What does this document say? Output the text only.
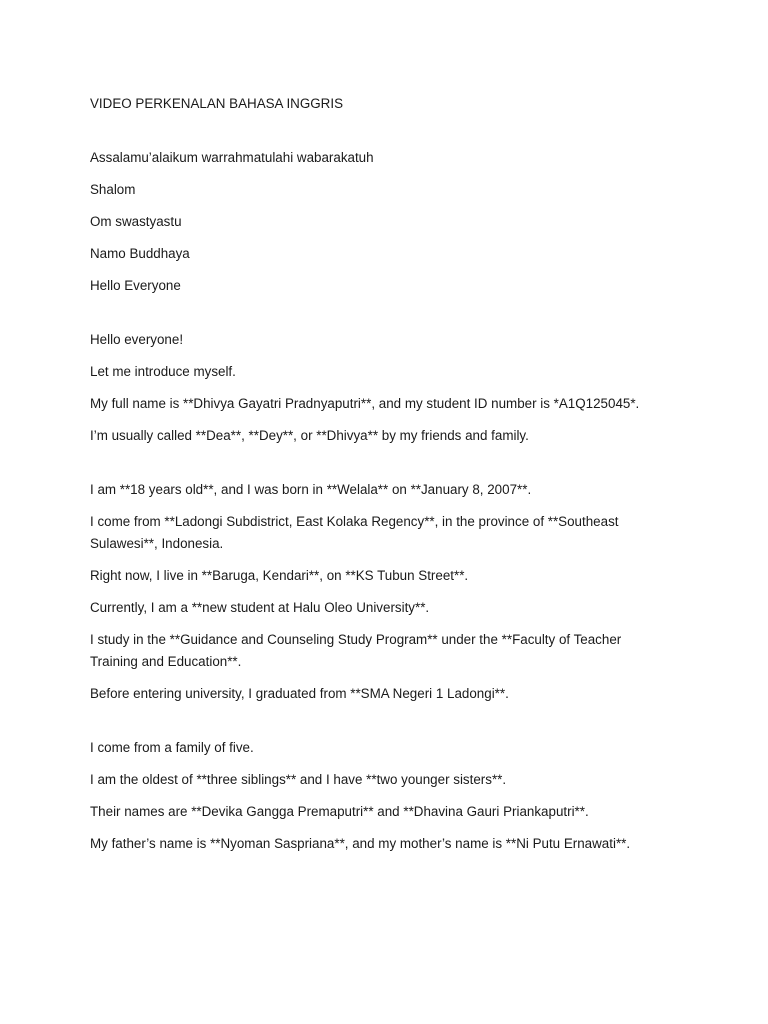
VIDEO PERKENALAN BAHASA INGGRIS

Assalamu’alaikum warrahmatulahi wabarakatuh

Shalom

Om swastyastu

Namo Buddhaya

Hello Everyone

Hello everyone!

Let me introduce myself.

My full name is **Dhivya Gayatri Pradnyaputri**, and my student ID number is *A1Q125045*.

I’m usually called **Dea**, **Dey**, or **Dhivya** by my friends and family.

I am **18 years old**, and I was born in **Welala** on **January 8, 2007**.

I come from **Ladongi Subdistrict, East Kolaka Regency**, in the province of **Southeast Sulawesi**, Indonesia.

Right now, I live in **Baruga, Kendari**, on **KS Tubun Street**.

Currently, I am a **new student at Halu Oleo University**.

I study in the **Guidance and Counseling Study Program** under the **Faculty of Teacher Training and Education**.

Before entering university, I graduated from **SMA Negeri 1 Ladongi**.

I come from a family of five.

I am the oldest of **three siblings** and I have **two younger sisters**.

Their names are **Devika Gangga Premaputri** and **Dhavina Gauri Priankaputri**.

My father’s name is **Nyoman Saspriana**, and my mother’s name is **Ni Putu Ernawati**.
